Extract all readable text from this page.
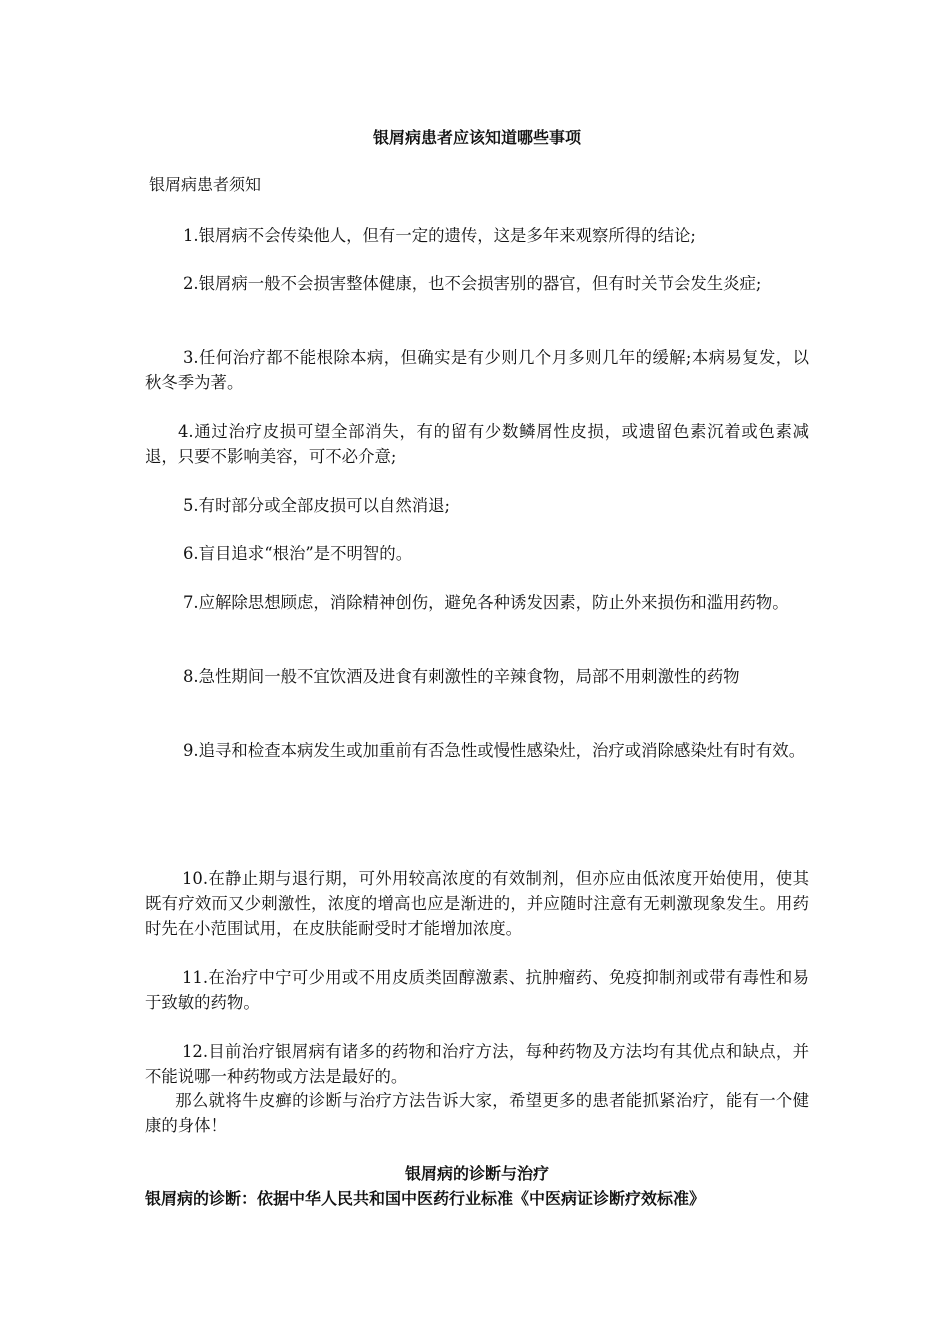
银屑病患者应该知道哪些事项
银屑病患者须知

1.银屑病不会传染他人，但有一定的遗传，这是多年来观察所得的结论;

2.银屑病一般不会损害整体健康，也不会损害别的器官，但有时关节会发生炎症;

3.任何治疗都不能根除本病，但确实是有少则几个月多则几年的缓解;本病易复发，以秋冬季为著。

4.通过治疗皮损可望全部消失，有的留有少数鳞屑性皮损，或遗留色素沉着或色素减退，只要不影响美容，可不必介意;

5.有时部分或全部皮损可以自然消退;

6.盲目追求“根治”是不明智的。

7.应解除思想顾虑，消除精神创伤，避免各种诱发因素，防止外来损伤和滥用药物。

8.急性期间一般不宜饮酒及进食有刺激性的辛辣食物，局部不用刺激性的药物

9.追寻和检查本病发生或加重前有否急性或慢性感染灶，治疗或消除感染灶有时有效。

10.在静止期与退行期，可外用较高浓度的有效制剂，但亦应由低浓度开始使用，使其既有疗效而又少刺激性，浓度的增高也应是渐进的，并应随时注意有无刺激现象发生。用药时先在小范围试用，在皮肤能耐受时才能增加浓度。

11.在治疗中宁可少用或不用皮质类固醇激素、抗肿瘤药、免疫抑制剂或带有毒性和易于致敏的药物。

12.目前治疗银屑病有诸多的药物和治疗方法，每种药物及方法均有其优点和缺点，并不能说哪一种药物或方法是最好的。

那么就将牛皮癣的诊断与治疗方法告诉大家，希望更多的患者能抓紧治疗，能有一个健康的身体！

银屑病的诊断与治疗
银屑病的诊断：依据中华人民共和国中医药行业标准《中医病证诊断疗效标准》
